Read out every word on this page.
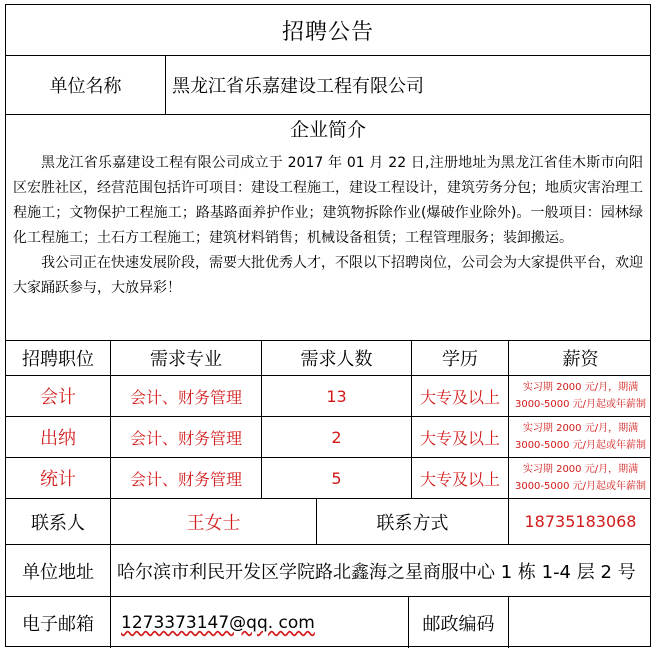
招聘公告
单位名称	黑龙江省乐嘉建设工程有限公司
企业简介

黑龙江省乐嘉建设工程有限公司成立于 2017 年 01 月 22 日,注册地址为黑龙江省佳木斯市向阳区宏胜社区，经营范围包括许可项目：建设工程施工，建设工程设计，建筑劳务分包；地质灾害治理工程施工；文物保护工程施工；路基路面养护作业；建筑物拆除作业(爆破作业除外)。一般项目：园林绿化工程施工；土石方工程施工；建筑材料销售；机械设备租赁；工程管理服务；装卸搬运。

我公司正在快速发展阶段，需要大批优秀人才，不限以下招聘岗位，公司会为大家提供平台，欢迎大家踊跃参与，大放异彩！

招聘职位	需求专业	需求人数	学历	薪资
会计	会计、财务管理	13	大专及以上	实习期 2000 元/月，期满
3000-5000 元/月起或年薪制
出纳	会计、财务管理	2	大专及以上	实习期 2000 元/月，期满
3000-5000 元/月起或年薪制
统计	会计、财务管理	5	大专及以上	实习期 2000 元/月，期满
3000-5000 元/月起或年薪制
联系人	王女士	联系方式	18735183068
单位地址	哈尔滨市利民开发区学院路北鑫海之星商服中心 1 栋 1-4 层 2 号
电子邮箱	1273373147@qq. com	邮政编码
